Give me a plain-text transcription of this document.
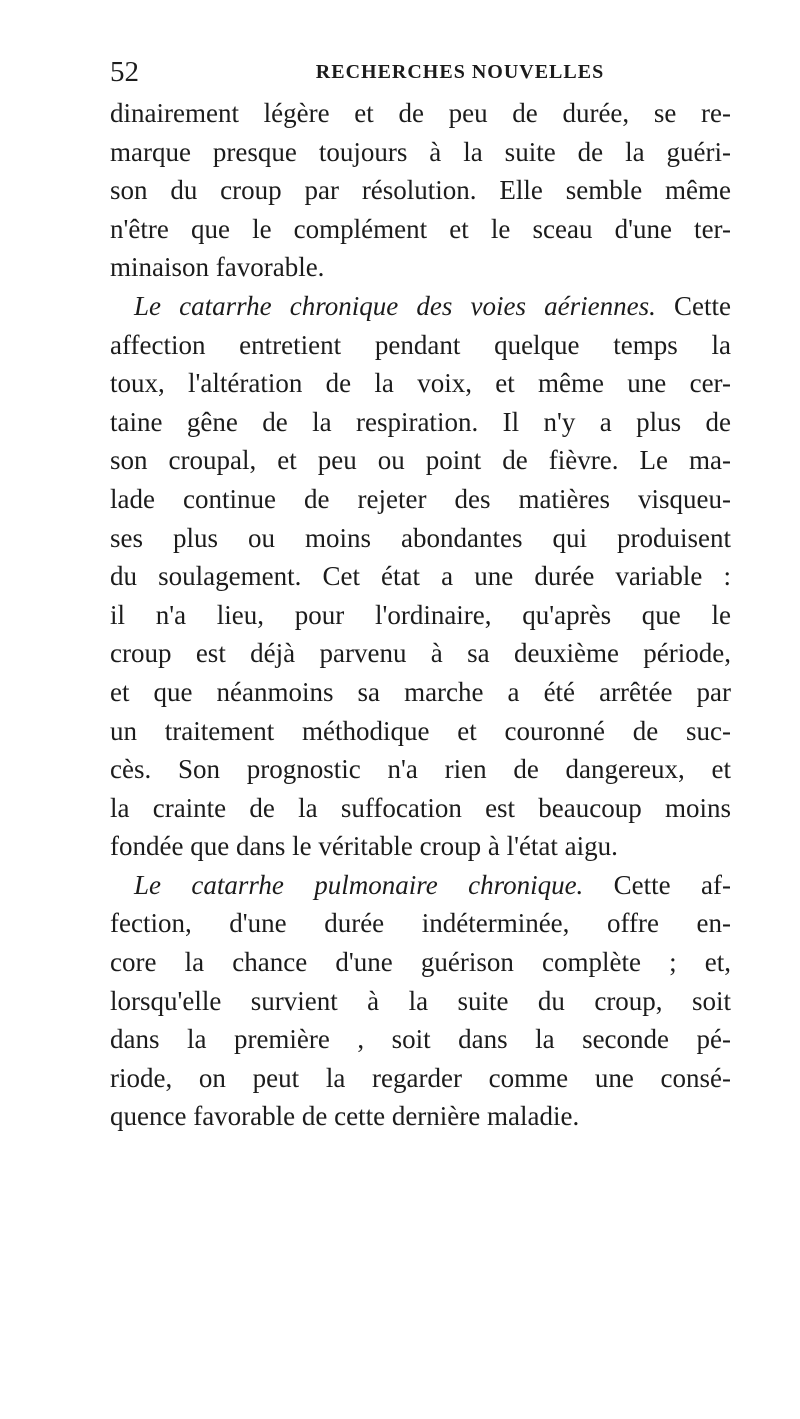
52	RECHERCHES NOUVELLES
dinairement légère et de peu de durée, se re-
marque presque toujours à la suite de la guéri-
son du croup par résolution. Elle semble même
n'être que le complément et le sceau d'une ter-
minaison favorable.
Le catarrhe chronique des voies aériennes. Cette
affection entretient pendant quelque temps la
toux, l'altération de la voix, et même une cer-
taine gêne de la respiration. Il n'y a plus de
son croupal, et peu ou point de fièvre. Le ma-
lade continue de rejeter des matières visqueu-
ses plus ou moins abondantes qui produisent
du soulagement. Cet état a une durée variable :
il n'a lieu, pour l'ordinaire, qu'après que le
croup est déjà parvenu à sa deuxième période,
et que néanmoins sa marche a été arrêtée par
un traitement méthodique et couronné de suc-
cès. Son prognostic n'a rien de dangereux, et
la crainte de la suffocation est beaucoup moins
fondée que dans le véritable croup à l'état aigu.
Le catarrhe pulmonaire chronique. Cette af-
fection, d'une durée indéterminée, offre en-
core la chance d'une guérison complète ; et,
lorsqu'elle survient à la suite du croup, soit
dans la première , soit dans la seconde pé-
riode, on peut la regarder comme une consé-
quence favorable de cette dernière maladie.
